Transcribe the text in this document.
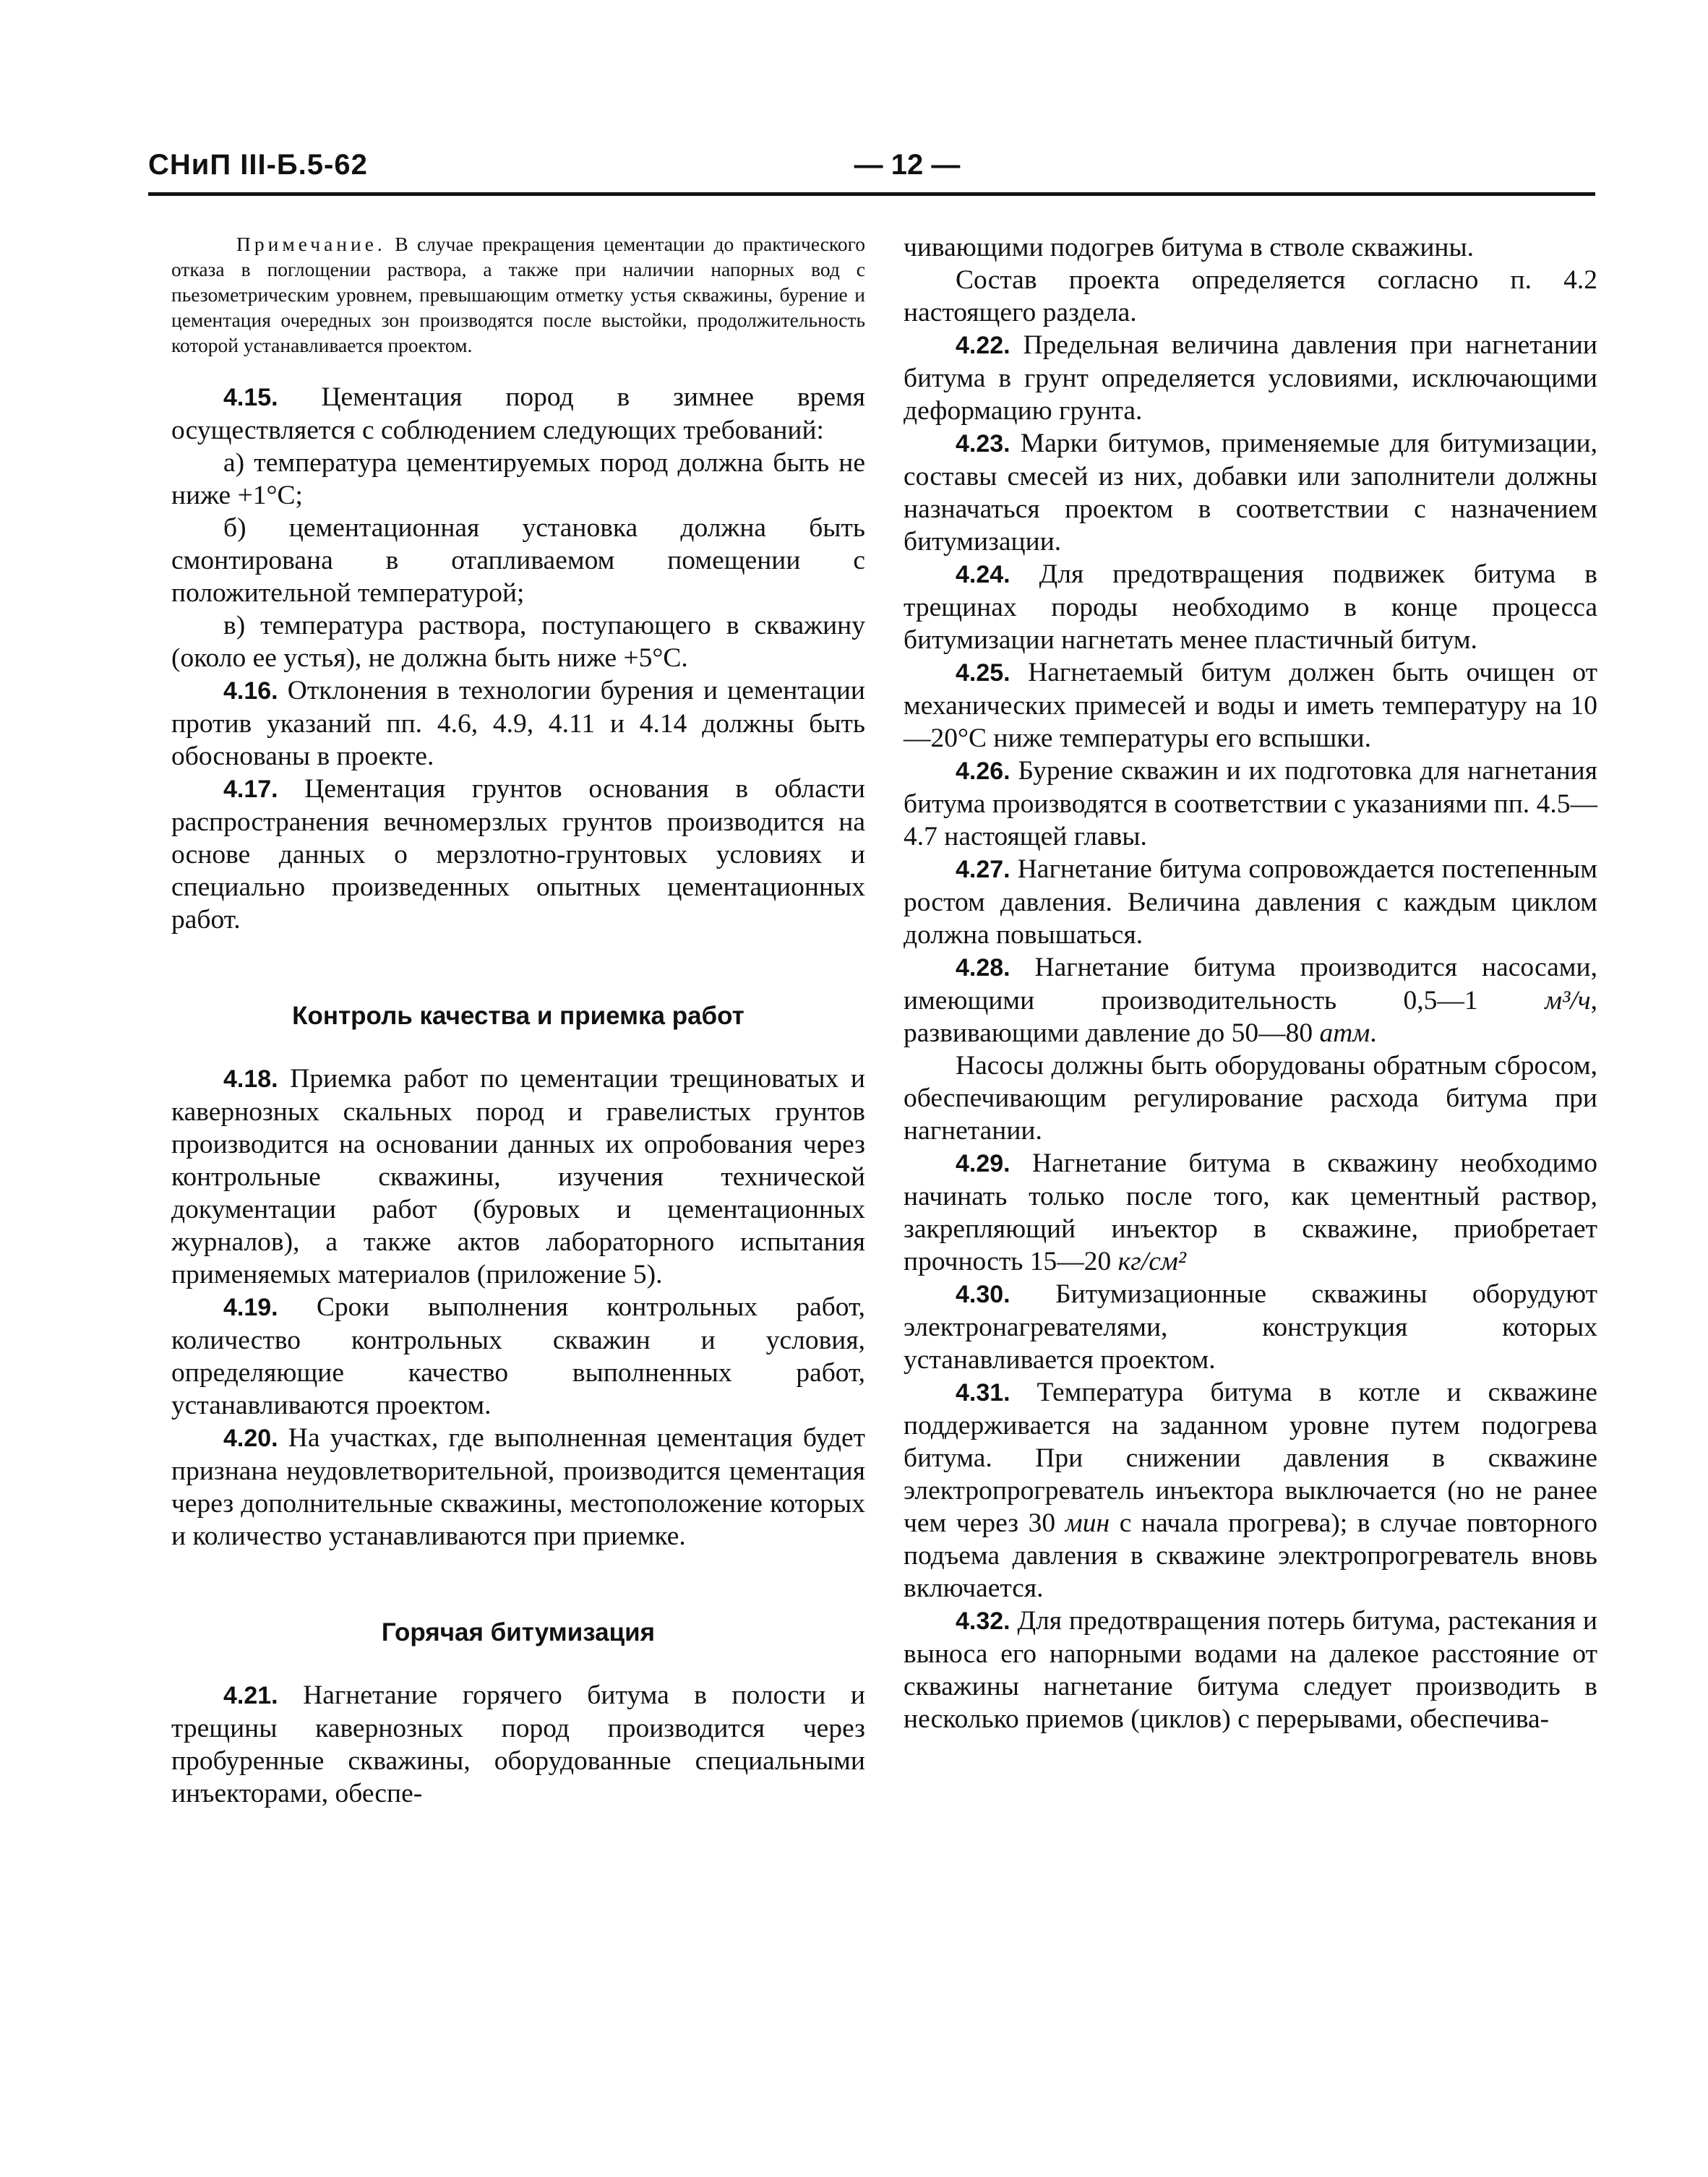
СНиП III-Б.5-62	— 12 —

Примечание. В случае прекращения цементации до практического отказа в поглощении раствора, а также при наличии напорных вод с пьезометрическим уровнем, превышающим отметку устья скважины, бурение и цементация очередных зон производятся после выстойки, продолжительность которой устанавливается проектом.

4.15. Цементация пород в зимнее время осуществляется с соблюдением следующих требований:

а) температура цементируемых пород должна быть не ниже +1°С;

б) цементационная установка должна быть смонтирована в отапливаемом помещении с положительной температурой;

в) температура раствора, поступающего в скважину (около ее устья), не должна быть ниже +5°С.

4.16. Отклонения в технологии бурения и цементации против указаний пп. 4.6, 4.9, 4.11 и 4.14 должны быть обоснованы в проекте.

4.17. Цементация грунтов основания в области распространения вечномерзлых грунтов производится на основе данных о мерзлотно-грунтовых условиях и специально произведенных опытных цементационных работ.

Контроль качества и приемка работ

4.18. Приемка работ по цементации трещиноватых и кавернозных скальных пород и гравелистых грунтов производится на основании данных их опробования через контрольные скважины, изучения технической документации работ (буровых и цементационных журналов), а также актов лабораторного испытания применяемых материалов (приложение 5).

4.19. Сроки выполнения контрольных работ, количество контрольных скважин и условия, определяющие качество выполненных работ, устанавливаются проектом.

4.20. На участках, где выполненная цементация будет признана неудовлетворительной, производится цементация через дополнительные скважины, местоположение которых и количество устанавливаются при приемке.

Горячая битумизация

4.21. Нагнетание горячего битума в полости и трещины кавернозных пород производится через пробуренные скважины, оборудованные специальными инъекторами, обеспе-

чивающими подогрев битума в стволе скважины.

Состав проекта определяется согласно п. 4.2 настоящего раздела.

4.22. Предельная величина давления при нагнетании битума в грунт определяется условиями, исключающими деформацию грунта.

4.23. Марки битумов, применяемые для битумизации, составы смесей из них, добавки или заполнители должны назначаться проектом в соответствии с назначением битумизации.

4.24. Для предотвращения подвижек битума в трещинах породы необходимо в конце процесса битумизации нагнетать менее пластичный битум.

4.25. Нагнетаемый битум должен быть очищен от механических примесей и воды и иметь температуру на 10—20°С ниже температуры его вспышки.

4.26. Бурение скважин и их подготовка для нагнетания битума производятся в соответствии с указаниями пп. 4.5—4.7 настоящей главы.

4.27. Нагнетание битума сопровождается постепенным ростом давления. Величина давления с каждым циклом должна повышаться.

4.28. Нагнетание битума производится насосами, имеющими производительность 0,5—1 м³/ч, развивающими давление до 50—80 атм.

Насосы должны быть оборудованы обратным сбросом, обеспечивающим регулирование расхода битума при нагнетании.

4.29. Нагнетание битума в скважину необходимо начинать только после того, как цементный раствор, закрепляющий инъектор в скважине, приобретает прочность 15—20 кг/см²

4.30. Битумизационные скважины оборудуют электронагревателями, конструкция которых устанавливается проектом.

4.31. Температура битума в котле и скважине поддерживается на заданном уровне путем подогрева битума. При снижении давления в скважине электропрогреватель инъектора выключается (но не ранее чем через 30 мин с начала прогрева); в случае повторного подъема давления в скважине электропрогреватель вновь включается.

4.32. Для предотвращения потерь битума, растекания и выноса его напорными водами на далекое расстояние от скважины нагнетание битума следует производить в несколько приемов (циклов) с перерывами, обеспечива-
